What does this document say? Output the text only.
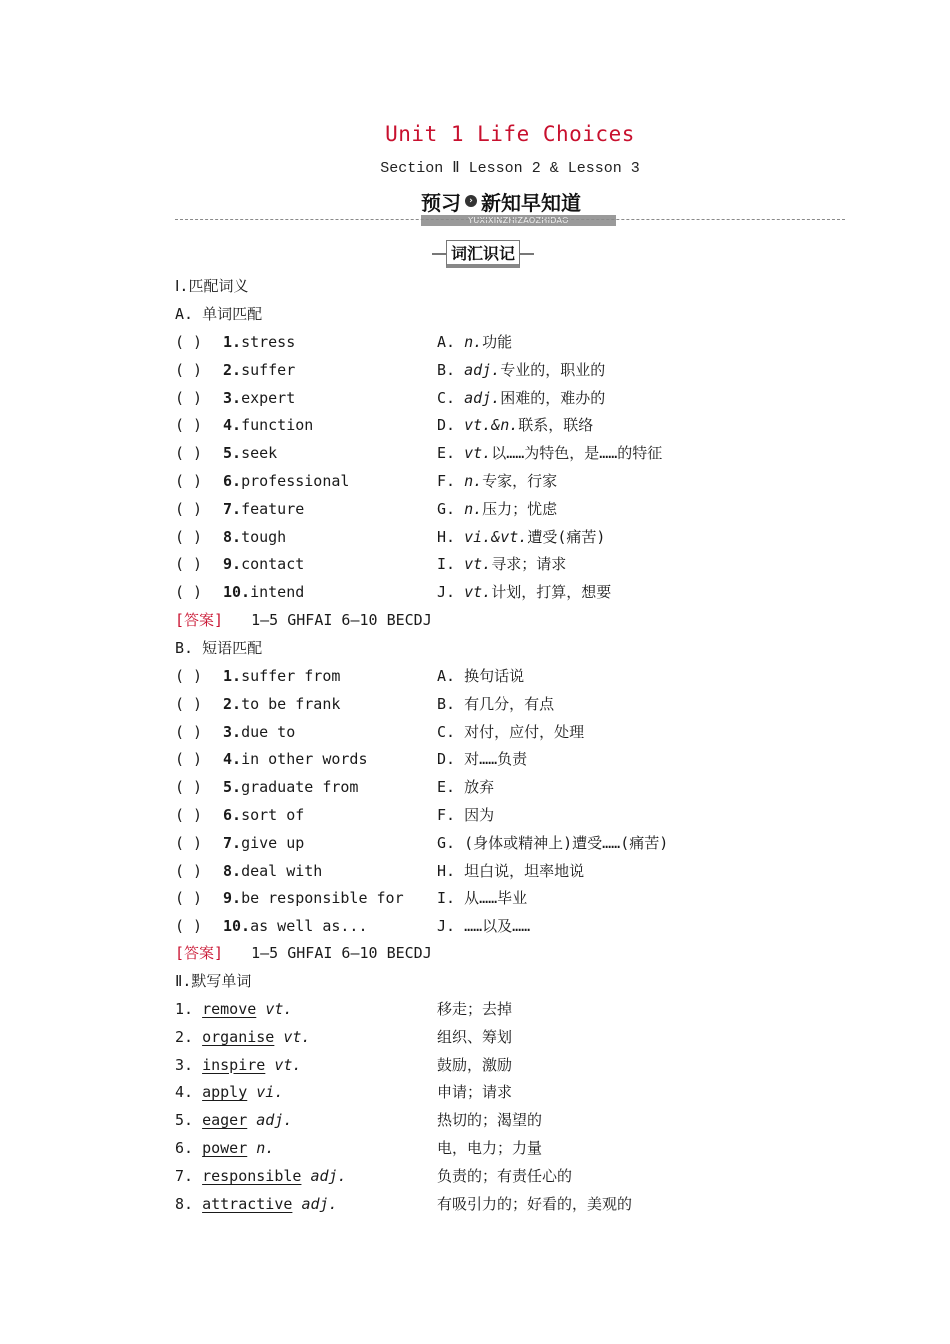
Unit 1 Life Choices
Section Ⅱ Lesson 2 & Lesson 3
预习 › 新知早知道
YUXIXINZHIZAOZHIDAO
词汇识记
Ⅰ.匹配词义
A. 单词匹配
( ) 1.stress	A. n.功能
( ) 2.suffer	B. adj.专业的，职业的
( ) 3.expert	C. adj.困难的，难办的
( ) 4.function	D. vt.&n.联系，联络
( ) 5.seek	E. vt.以……为特色，是……的特征
( ) 6.professional	F. n.专家，行家
( ) 7.feature	G. n.压力；忧虑
( ) 8.tough	H. vi.&vt.遭受(痛苦)
( ) 9.contact	I. vt.寻求；请求
( ) 10.intend	J. vt.计划，打算，想要
[答案] 1—5 GHFAI 6—10 BECDJ
B. 短语匹配
( ) 1.suffer from	A. 换句话说
( ) 2.to be frank	B. 有几分，有点
( ) 3.due to	C. 对付，应付，处理
( ) 4.in other words	D. 对……负责
( ) 5.graduate from	E. 放弃
( ) 6.sort of	F. 因为
( ) 7.give up	G. (身体或精神上)遭受……(痛苦)
( ) 8.deal with	H. 坦白说，坦率地说
( ) 9.be responsible for I. 从……毕业
( ) 10.as well as...	J. ……以及……
[答案] 1—5 GHFAI 6—10 BECDJ
Ⅱ.默写单词
1. remove vt.	移走；去掉
2. organise vt.	组织、筹划
3. inspire vt.	鼓励，激励
4. apply vi.	申请；请求
5. eager adj.	热切的；渴望的
6. power n.	电，电力；力量
7. responsible adj.	负责的；有责任心的
8. attractive adj.	有吸引力的；好看的，美观的
